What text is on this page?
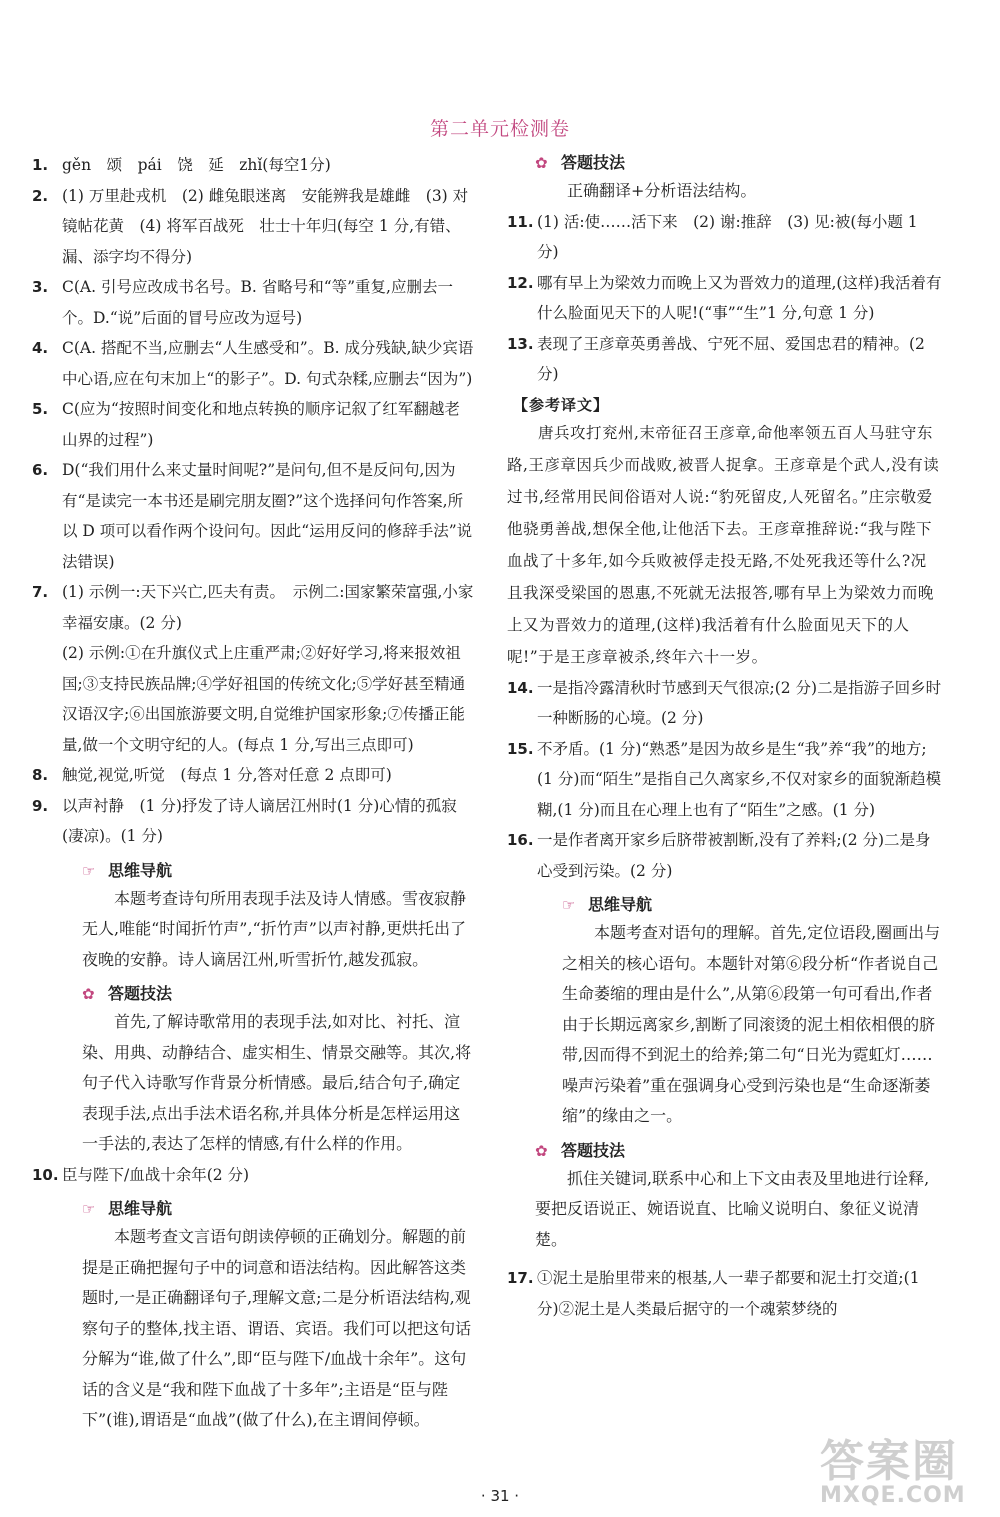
第二单元检测卷
1. gěn　颂　pái　饶　延　zhǐ(每空1分)
2. (1) 万里赴戎机　(2) 雌兔眼迷离　安能辨我是雄雌　(3) 对镜帖花黄　(4) 将军百战死　壮士十年归(每空 1 分,有错、漏、添字均不得分)
3. C(A. 引号应改成书名号。B. 省略号和“等”重复,应删去一个。D.“说”后面的冒号应改为逗号)
4. C(A. 搭配不当,应删去“人生感受和”。B. 成分残缺,缺少宾语中心语,应在句末加上“的影子”。D. 句式杂糅,应删去“因为”)
5. C(应为“按照时间变化和地点转换的顺序记叙了红军翻越老山界的过程”)
6. D(“我们用什么来丈量时间呢?”是问句,但不是反问句,因为有“是读完一本书还是刷完朋友圈?”这个选择问句作答案,所以 D 项可以看作两个设问句。因此“运用反问的修辞手法”说法错误)
7. (1) 示例一:天下兴亡,匹夫有责。　示例二:国家繁荣富强,小家幸福安康。(2 分)
(2) 示例:①在升旗仪式上庄重严肃;②好好学习,将来报效祖国;③支持民族品牌;④学好祖国的传统文化;⑤学好甚至精通汉语汉字;⑥出国旅游要文明,自觉维护国家形象;⑦传播正能量,做一个文明守纪的人。(每点 1 分,写出三点即可)
8. 触觉,视觉,听觉　(每点 1 分,答对任意 2 点即可)
9. 以声衬静　(1 分)抒发了诗人谪居江州时(1 分)心情的孤寂(凄凉)。(1 分)
☞ 思维导航

本题考查诗句所用表现手法及诗人情感。雪夜寂静无人,唯能“时闻折竹声”,“折竹声”以声衬静,更烘托出了夜晚的安静。诗人谪居江州,听雪折竹,越发孤寂。

✿ 答题技法

首先,了解诗歌常用的表现手法,如对比、衬托、渲染、用典、动静结合、虚实相生、情景交融等。其次,将句子代入诗歌写作背景分析情感。最后,结合句子,确定表现手法,点出手法术语名称,并具体分析是怎样运用这一手法的,表达了怎样的情感,有什么样的作用。

10. 臣与陛下/血战十余年(2 分)
☞ 思维导航

本题考查文言语句朗读停顿的正确划分。解题的前提是正确把握句子中的词意和语法结构。因此解答这类题时,一是正确翻译句子,理解文意;二是分析语法结构,观察句子的整体,找主语、谓语、宾语。我们可以把这句话分解为“谁,做了什么”,即“臣与陛下/血战十余年”。这句话的含义是“我和陛下血战了十多年”;主语是“臣与陛下”(谁),谓语是“血战”(做了什么),在主谓间停顿。

✿ 答题技法

正确翻译+分析语法结构。

11. (1) 活:使……活下来　(2) 谢:推辞　(3) 见:被(每小题 1 分)
12. 哪有早上为梁效力而晚上又为晋效力的道理,(这样)我活着有什么脸面见天下的人呢!(“事”“生”1 分,句意 1 分)
13. 表现了王彦章英勇善战、宁死不屈、爱国忠君的精神。(2 分)
【参考译文】

唐兵攻打兖州,末帝征召王彦章,命他率领五百人马驻守东路,王彦章因兵少而战败,被晋人捉拿。王彦章是个武人,没有读过书,经常用民间俗语对人说:“豹死留皮,人死留名。”庄宗敬爱他骁勇善战,想保全他,让他活下去。王彦章推辞说:“我与陛下血战了十多年,如今兵败被俘走投无路,不处死我还等什么?况且我深受梁国的恩惠,不死就无法报答,哪有早上为梁效力而晚上又为晋效力的道理,(这样)我活着有什么脸面见天下的人呢!”于是王彦章被杀,终年六十一岁。

14. 一是指冷露清秋时节感到天气很凉;(2 分)二是指游子回乡时一种断肠的心境。(2 分)
15. 不矛盾。(1 分)“熟悉”是因为故乡是生“我”养“我”的地方;(1 分)而“陌生”是指自己久离家乡,不仅对家乡的面貌渐趋模糊,(1 分)而且在心理上也有了“陌生”之感。(1 分)
16. 一是作者离开家乡后脐带被割断,没有了养料;(2 分)二是身心受到污染。(2 分)
☞ 思维导航

本题考查对语句的理解。首先,定位语段,圈画出与之相关的核心语句。本题针对第⑥段分析“作者说自己生命萎缩的理由是什么”,从第⑥段第一句可看出,作者由于长期远离家乡,割断了同滚烫的泥土相依相偎的脐带,因而得不到泥土的给养;第二句“日光为霓虹灯……噪声污染着”重在强调身心受到污染也是“生命逐渐萎缩”的缘由之一。

✿ 答题技法

抓住关键词,联系中心和上下文由表及里地进行诠释,要把反语说正、婉语说直、比喻义说明白、象征义说清楚。

17. ①泥土是胎里带来的根基,人一辈子都要和泥土打交道;(1 分)②泥土是人类最后据守的一个魂萦梦绕的
· 31 ·
答案圈
MXQE.COM
